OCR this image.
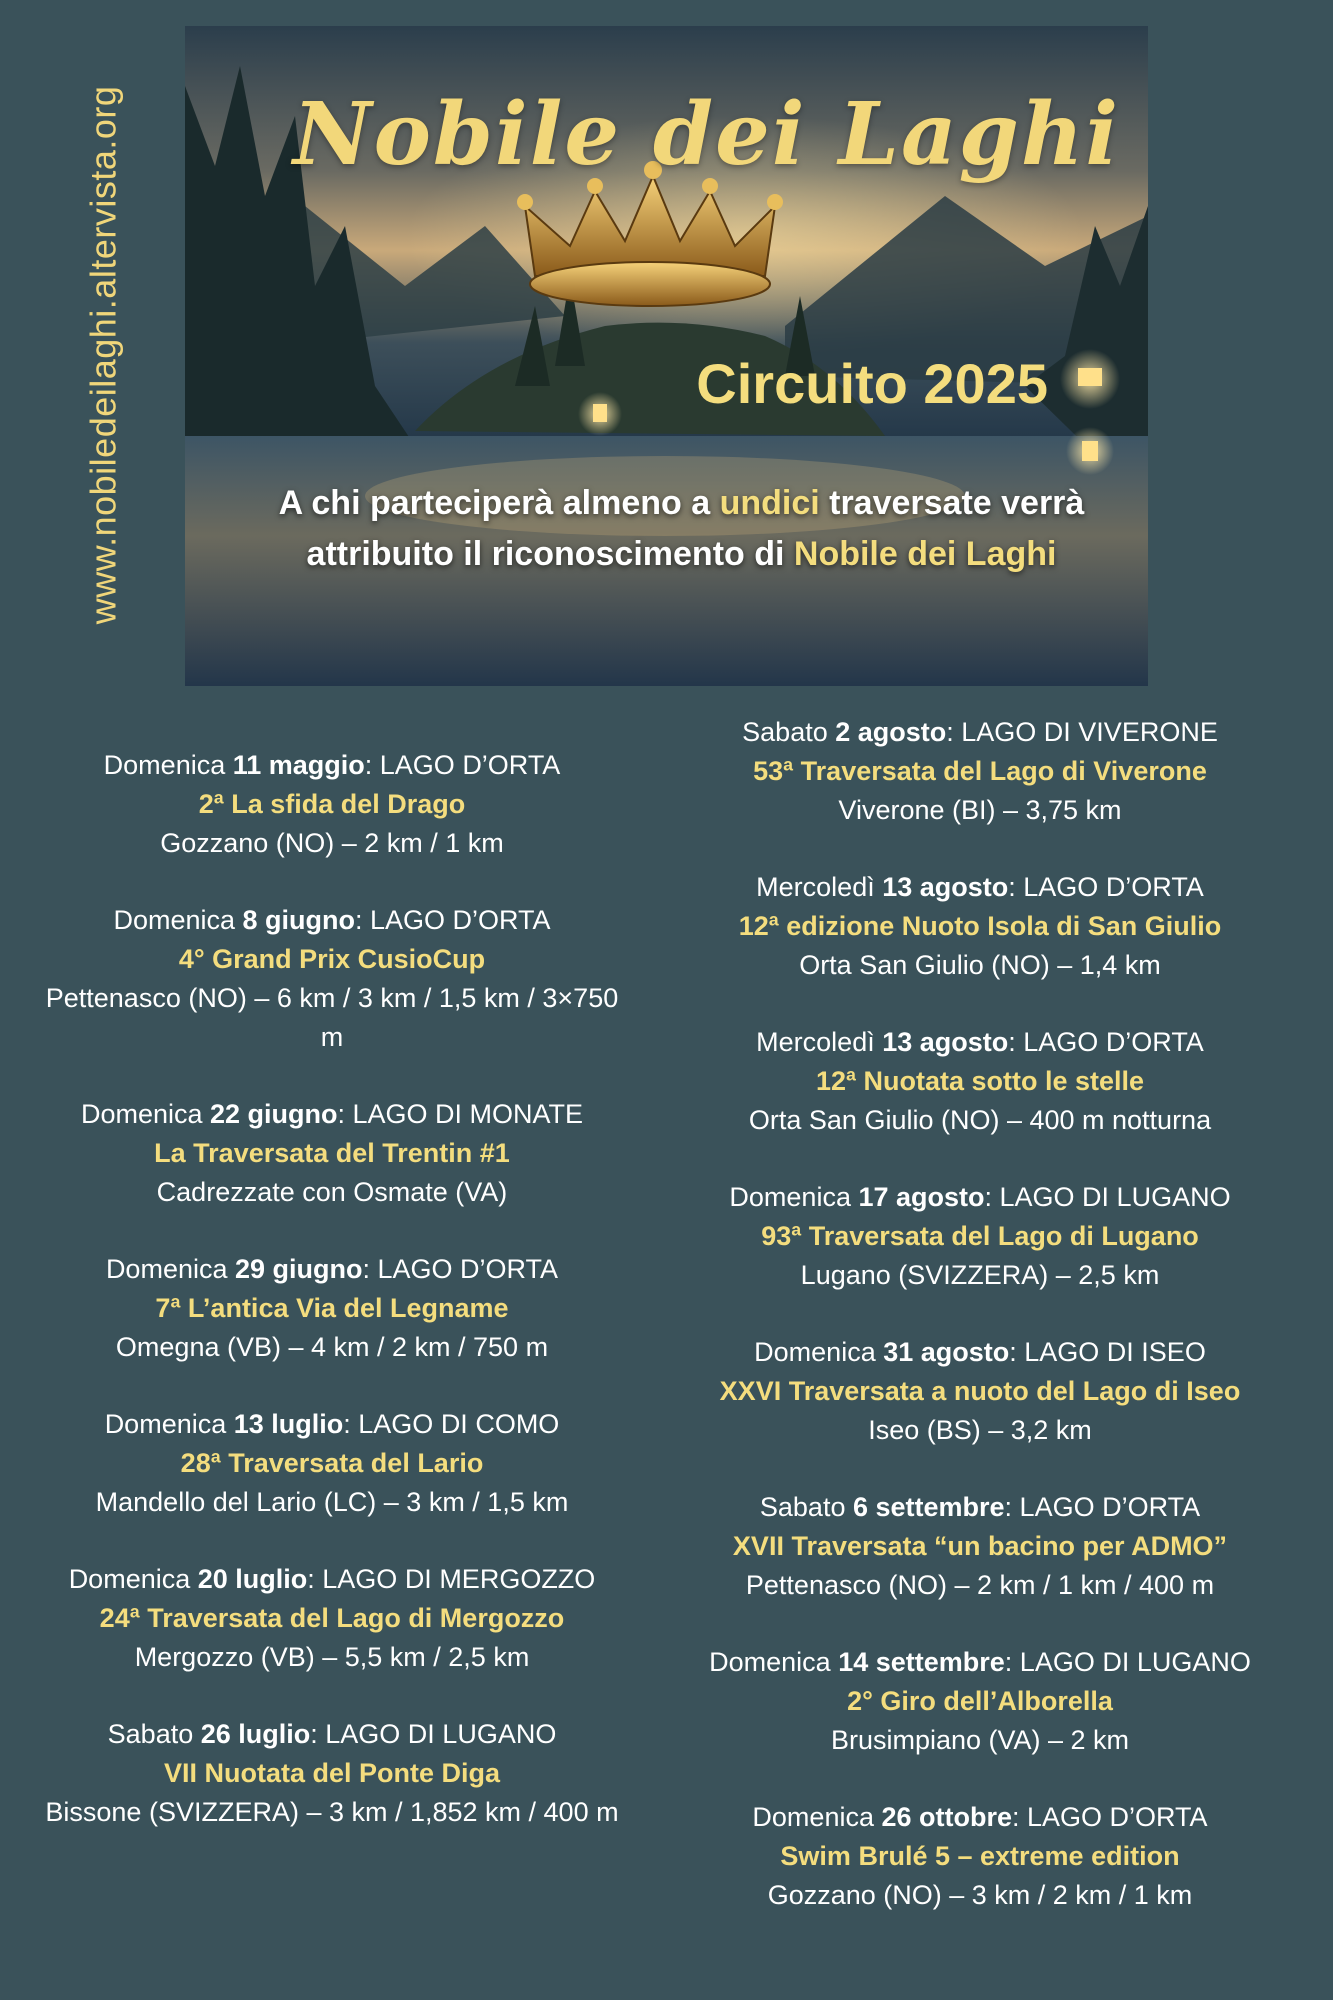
www.nobiledeilaghi.altervista.org	Nobile dei Laghi
Circuito 2025

A chi parteciperà almeno a undici traversate verrà attribuito il riconoscimento di Nobile dei Laghi

Domenica 11 maggio: LAGO D’ORTA
2ª La sfida del Drago
Gozzano (NO) – 2 km / 1 km
Domenica 8 giugno: LAGO D’ORTA
4° Grand Prix CusioCup
Pettenasco (NO) – 6 km / 3 km / 1,5 km / 3×750 m
Domenica 22 giugno: LAGO DI MONATE
La Traversata del Trentin #1
Cadrezzate con Osmate (VA)
Domenica 29 giugno: LAGO D’ORTA
7ª L’antica Via del Legname
Omegna (VB) – 4 km / 2 km / 750 m
Domenica 13 luglio: LAGO DI COMO
28ª Traversata del Lario
Mandello del Lario (LC) – 3 km / 1,5 km
Domenica 20 luglio: LAGO DI MERGOZZO
24ª Traversata del Lago di Mergozzo
Mergozzo (VB) – 5,5 km / 2,5 km
Sabato 26 luglio: LAGO DI LUGANO
VII Nuotata del Ponte Diga
Bissone (SVIZZERA) – 3 km / 1,852 km / 400 m
Sabato 2 agosto: LAGO DI VIVERONE
53ª Traversata del Lago di Viverone
Viverone (BI) – 3,75 km
Mercoledì 13 agosto: LAGO D’ORTA
12ª edizione Nuoto Isola di San Giulio
Orta San Giulio (NO) – 1,4 km
Mercoledì 13 agosto: LAGO D’ORTA
12ª Nuotata sotto le stelle
Orta San Giulio (NO) – 400 m notturna
Domenica 17 agosto: LAGO DI LUGANO
93ª Traversata del Lago di Lugano
Lugano (SVIZZERA) – 2,5 km
Domenica 31 agosto: LAGO DI ISEO
XXVI Traversata a nuoto del Lago di Iseo
Iseo (BS) – 3,2 km
Sabato 6 settembre: LAGO D’ORTA
XVII Traversata “un bacino per ADMO”
Pettenasco (NO) – 2 km / 1 km / 400 m
Domenica 14 settembre: LAGO DI LUGANO
2° Giro dell’Alborella
Brusimpiano (VA) – 2 km
Domenica 26 ottobre: LAGO D’ORTA
Swim Brulé 5 – extreme edition
Gozzano (NO) – 3 km / 2 km / 1 km
